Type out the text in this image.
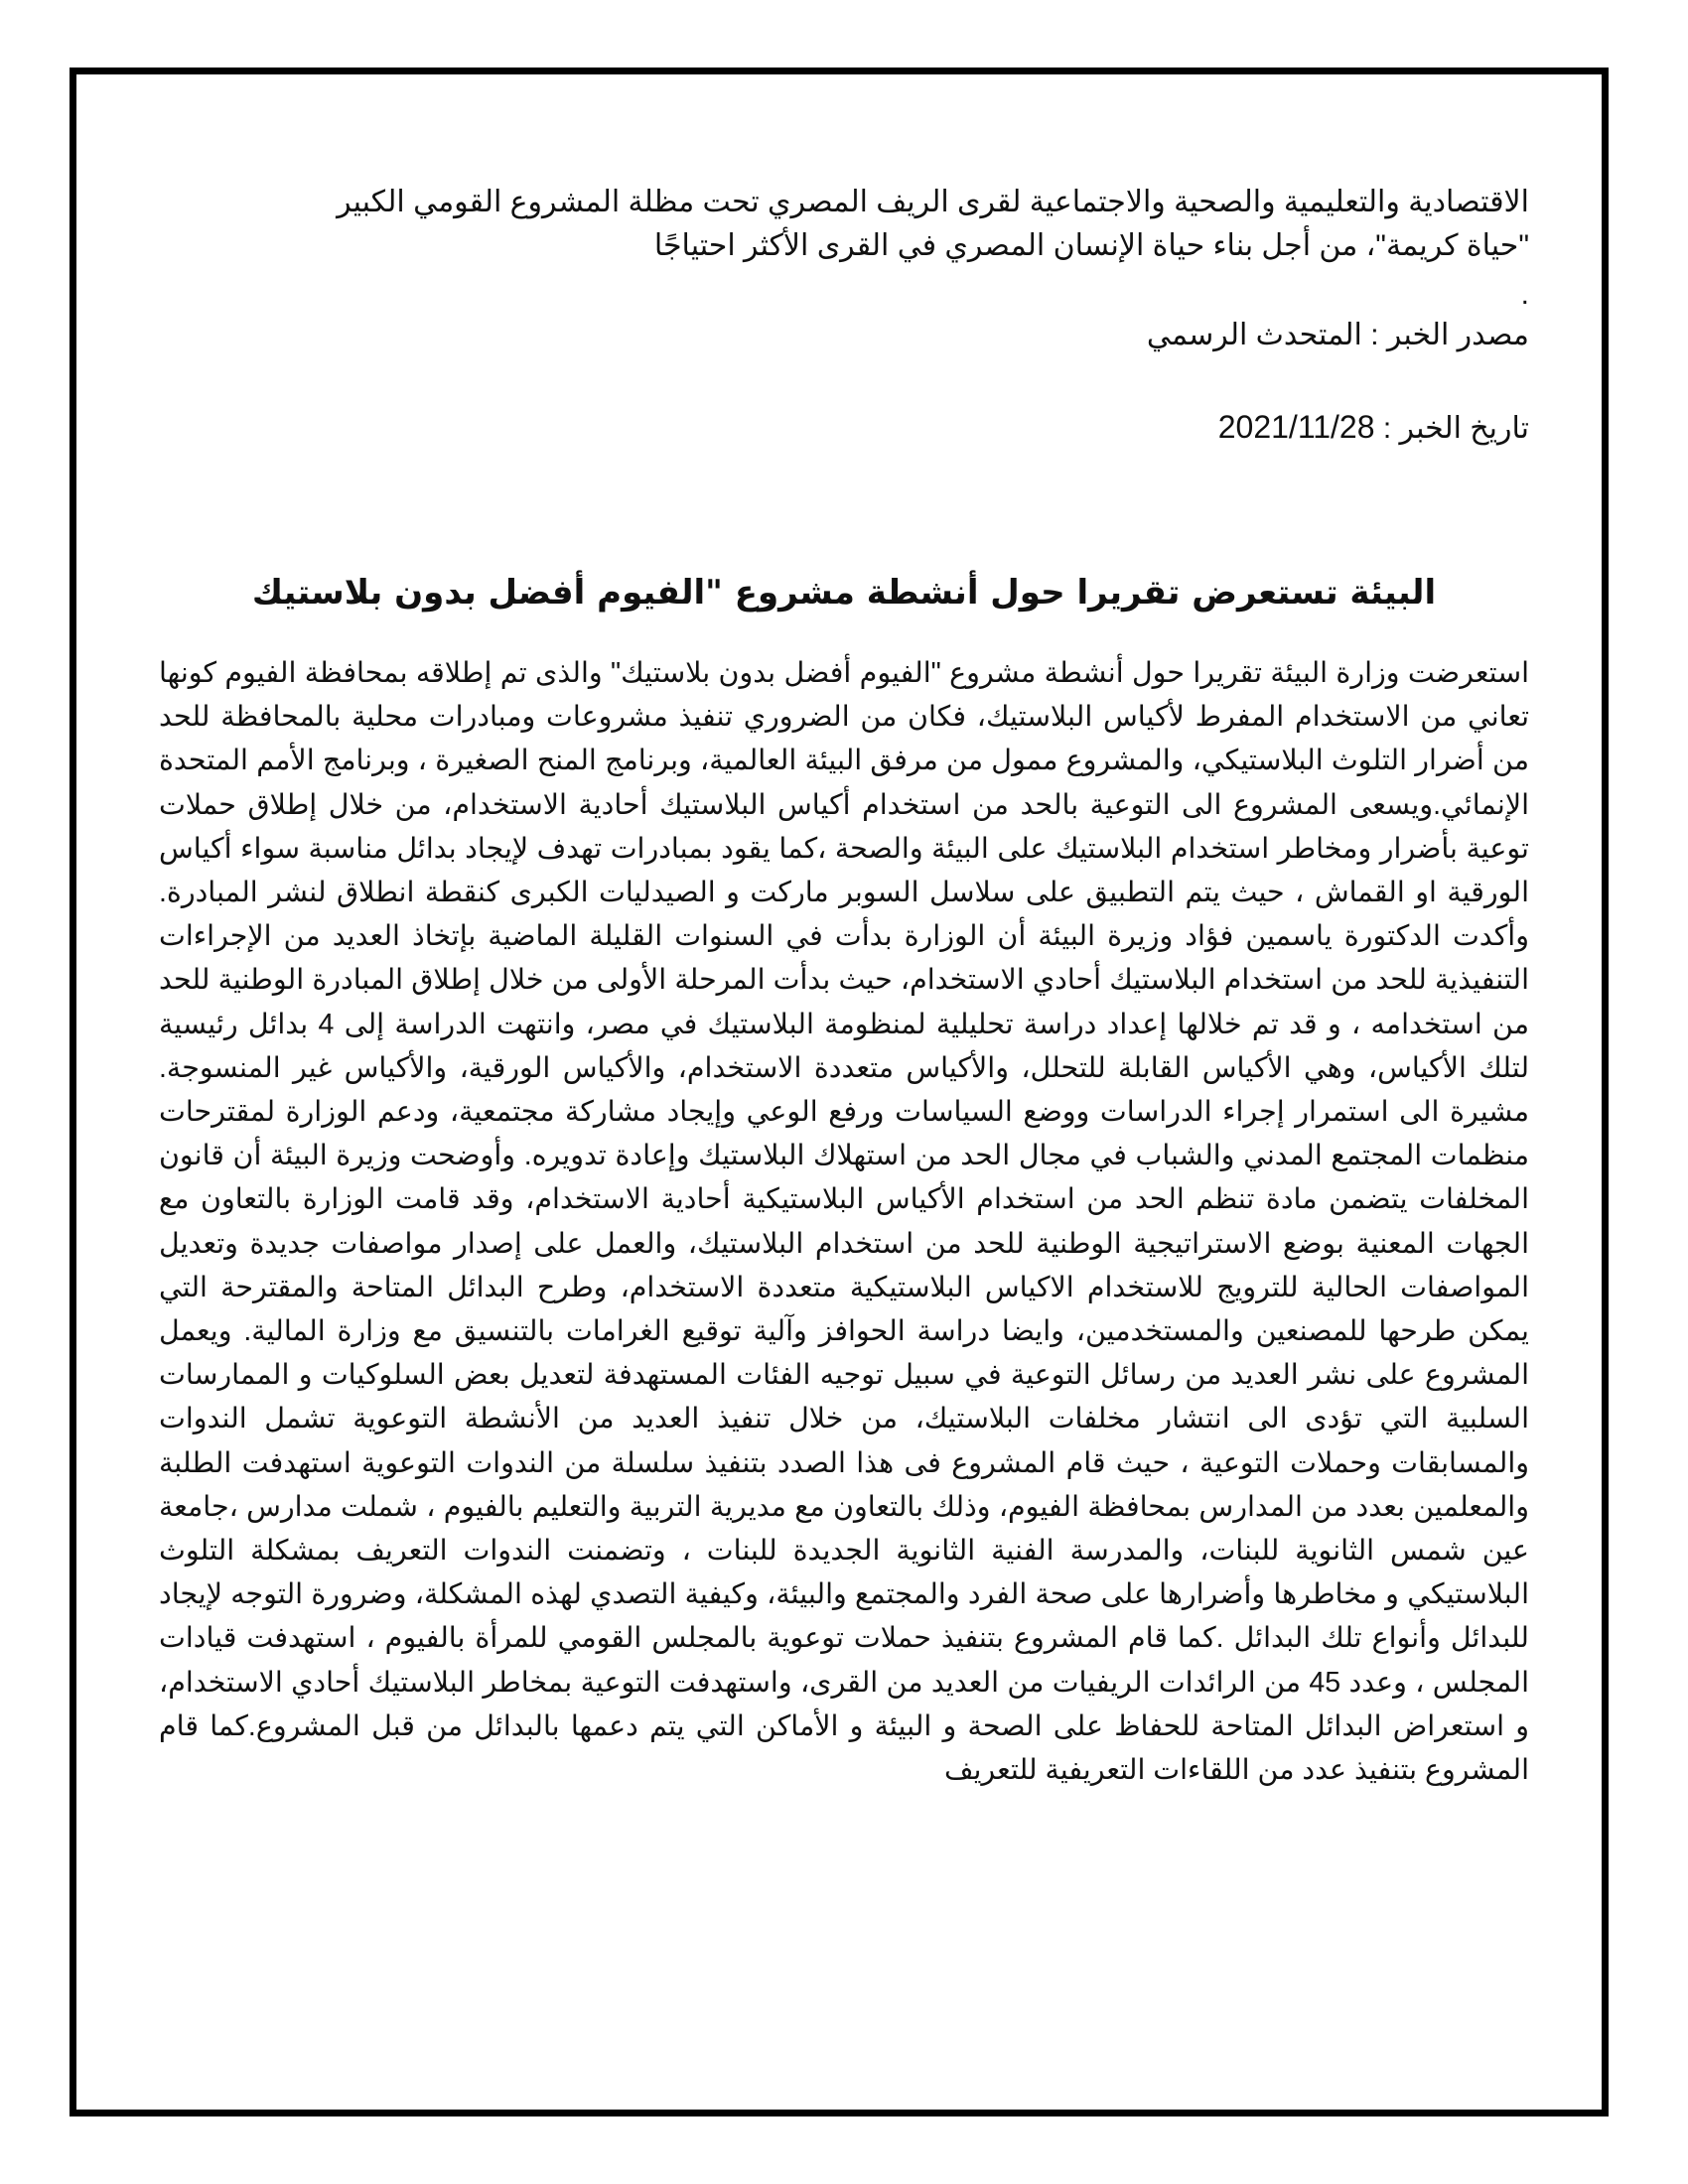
الاقتصادية والتعليمية والصحية والاجتماعية لقرى الريف المصري تحت مظلة المشروع القومي الكبير

"حياة كريمة"، من أجل بناء حياة الإنسان المصري في القرى الأكثر احتياجًا

.

مصدر الخبر : المتحدث الرسمي

تاريخ الخبر : 2021/11/28

البيئة تستعرض تقريرا حول أنشطة مشروع "الفيوم أفضل بدون بلاستيك

استعرضت وزارة البيئة تقريرا حول أنشطة مشروع "الفيوم أفضل بدون بلاستيك" والذى تم إطلاقه بمحافظة الفيوم كونها تعاني من الاستخدام المفرط لأكياس البلاستيك، فكان من الضروري تنفيذ مشروعات ومبادرات محلية بالمحافظة للحد من أضرار التلوث البلاستيكي، والمشروع ممول من مرفق البيئة العالمية، وبرنامج المنح الصغيرة ، وبرنامج الأمم المتحدة الإنمائي.ويسعى المشروع الى التوعية بالحد من استخدام أكياس البلاستيك أحادية الاستخدام، من خلال إطلاق حملات توعية بأضرار ومخاطر استخدام البلاستيك على البيئة والصحة ،كما يقود بمبادرات تهدف لإيجاد بدائل مناسبة سواء أكياس الورقية او القماش ، حيث يتم التطبيق على سلاسل السوبر ماركت و الصيدليات الكبرى كنقطة انطلاق لنشر المبادرة. وأكدت الدكتورة ياسمين فؤاد وزيرة البيئة أن الوزارة بدأت في السنوات القليلة الماضية بإتخاذ العديد من الإجراءات التنفيذية للحد من استخدام البلاستيك أحادي الاستخدام، حيث بدأت المرحلة الأولى من خلال إطلاق المبادرة الوطنية للحد من استخدامه ، و قد تم خلالها إعداد دراسة تحليلية لمنظومة البلاستيك في مصر، وانتهت الدراسة إلى 4 بدائل رئيسية لتلك الأكياس، وهي الأكياس القابلة للتحلل، والأكياس متعددة الاستخدام، والأكياس الورقية، والأكياس غير المنسوجة. مشيرة الى استمرار إجراء الدراسات ووضع السياسات ورفع الوعي وإيجاد مشاركة مجتمعية، ودعم الوزارة لمقترحات منظمات المجتمع المدني والشباب في مجال الحد من استهلاك البلاستيك وإعادة تدويره. وأوضحت وزيرة البيئة أن قانون المخلفات يتضمن مادة تنظم الحد من استخدام الأكياس البلاستيكية أحادية الاستخدام، وقد قامت الوزارة بالتعاون مع الجهات المعنية بوضع الاستراتيجية الوطنية للحد من استخدام البلاستيك، والعمل على إصدار مواصفات جديدة وتعديل المواصفات الحالية للترويج للاستخدام الاكياس البلاستيكية متعددة الاستخدام، وطرح البدائل المتاحة والمقترحة التي يمكن طرحها للمصنعين والمستخدمين، وايضا دراسة الحوافز وآلية توقيع الغرامات بالتنسيق مع وزارة المالية. ويعمل المشروع على نشر العديد من رسائل التوعية في سبيل توجيه الفئات المستهدفة لتعديل بعض السلوكيات و الممارسات السلبية التي تؤدى الى انتشار مخلفات البلاستيك، من خلال تنفيذ العديد من الأنشطة التوعوية تشمل الندوات والمسابقات وحملات التوعية ، حيث قام المشروع فى هذا الصدد بتنفيذ سلسلة من الندوات التوعوية استهدفت الطلبة والمعلمين بعدد من المدارس بمحافظة الفيوم، وذلك بالتعاون مع مديرية التربية والتعليم بالفيوم ، شملت مدارس ،جامعة عين شمس الثانوية للبنات، والمدرسة الفنية الثانوية الجديدة للبنات ، وتضمنت الندوات التعريف بمشكلة التلوث البلاستيكي و مخاطرها وأضرارها على صحة الفرد والمجتمع والبيئة، وكيفية التصدي لهذه المشكلة، وضرورة التوجه لإيجاد للبدائل وأنواع تلك البدائل .كما قام المشروع بتنفيذ حملات توعوية بالمجلس القومي للمرأة بالفيوم ، استهدفت قيادات المجلس ، وعدد 45 من الرائدات الريفيات من العديد من القرى، واستهدفت التوعية بمخاطر البلاستيك أحادي الاستخدام، و استعراض البدائل المتاحة للحفاظ على الصحة و البيئة و الأماكن التي يتم دعمها بالبدائل من قبل المشروع.كما قام المشروع بتنفيذ عدد من اللقاءات التعريفية للتعريف
